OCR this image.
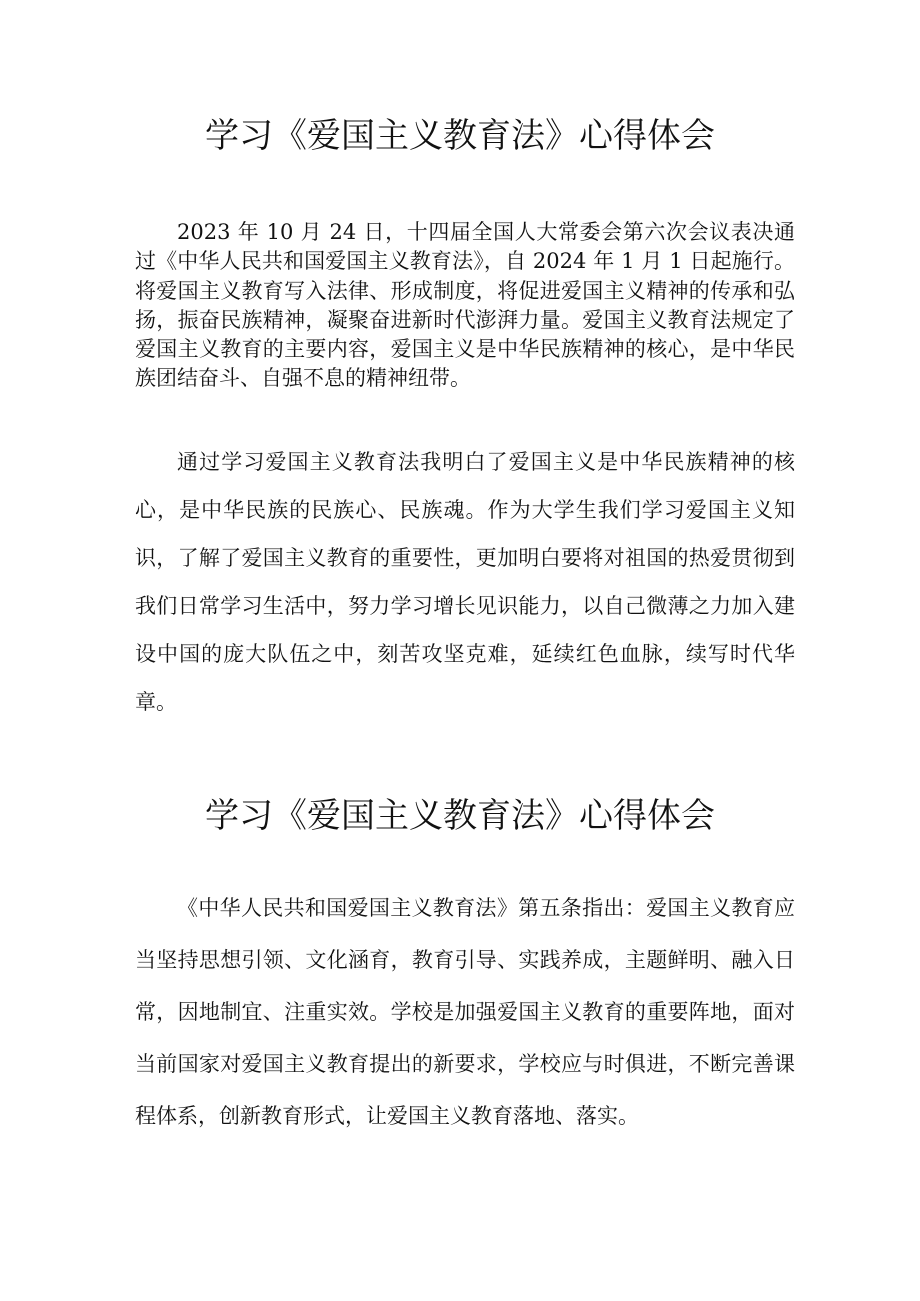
学习《爱国主义教育法》心得体会

2023 年 10 月 24 日，十四届全国人大常委会第六次会议表决通过《中华人民共和国爱国主义教育法》，自 2024 年 1 月 1 日起施行。将爱国主义教育写入法律、形成制度，将促进爱国主义精神的传承和弘扬，振奋民族精神，凝聚奋进新时代澎湃力量。爱国主义教育法规定了爱国主义教育的主要内容，爱国主义是中华民族精神的核心，是中华民族团结奋斗、自强不息的精神纽带。

通过学习爱国主义教育法我明白了爱国主义是中华民族精神的核心，是中华民族的民族心、民族魂。作为大学生我们学习爱国主义知识，了解了爱国主义教育的重要性，更加明白要将对祖国的热爱贯彻到我们日常学习生活中，努力学习增长见识能力，以自己微薄之力加入建设中国的庞大队伍之中，刻苦攻坚克难，延续红色血脉，续写时代华章。

学习《爱国主义教育法》心得体会

《中华人民共和国爱国主义教育法》第五条指出：爱国主义教育应当坚持思想引领、文化涵育，教育引导、实践养成，主题鲜明、融入日常，因地制宜、注重实效。学校是加强爱国主义教育的重要阵地，面对当前国家对爱国主义教育提出的新要求，学校应与时俱进，不断完善课程体系，创新教育形式，让爱国主义教育落地、落实。
